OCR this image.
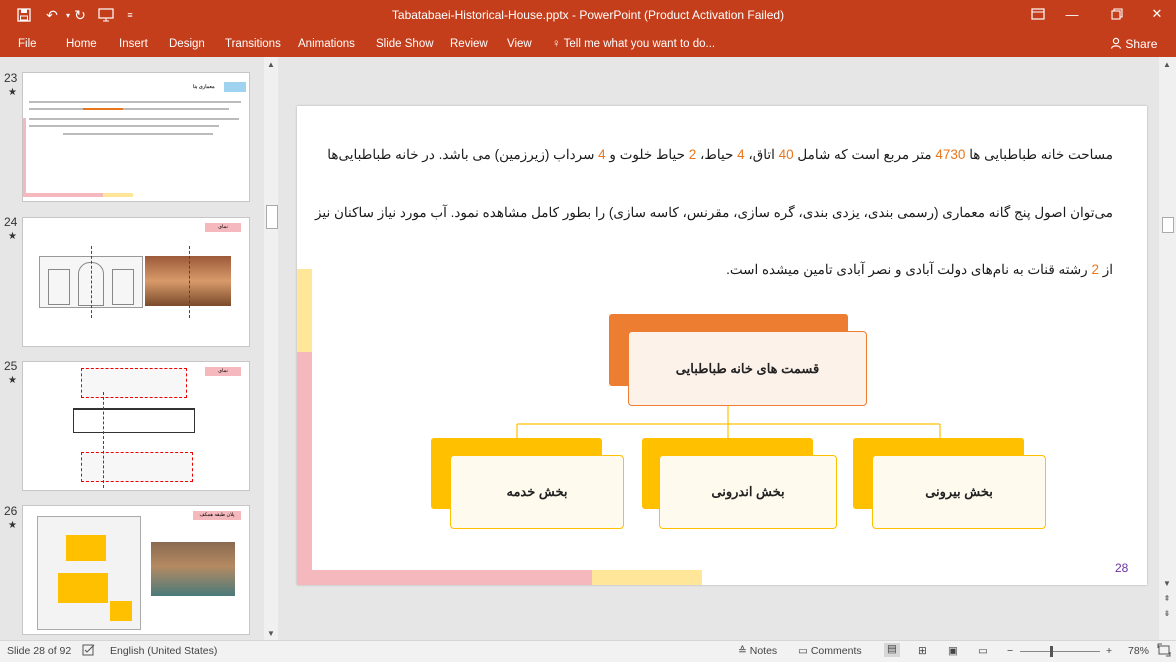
↶	▾ ↻	≡	Tabatabaei-Historical-House.pptx - PowerPoint (Product Activation Failed)	—	✕
File	Home Insert Design Transitions Animations Slide Show Review View ♀ Tell me what you want to do...	Share
23
★	معماری بنا
24
★
نمای
25
★
نمای
26
★
پلان طبقه همکف
▲
▼
مساحت خانه طباطبایی ها 4730 متر مربع است که شامل 40 اتاق، 4 حیاط، 2 حیاط خلوت و 4 سرداب (زیرزمین) می باشد. در خانه طباطبایی‌ها
می‌توان اصول پنج گانه معماری (رسمی بندی، یزدی بندی، گره سازی، مقرنس، کاسه سازی) را بطور کامل مشاهده نمود. آب مورد نیاز ساکنان نیز
از 2 رشته قنات به نام‌های دولت آبادی و نصر آبادی تامین میشده است.
قسمت های خانه طباطبایی
بخش بیرونی
بخش اندرونی
بخش خدمه
28
▲
▼
⇞
⇟
Slide 28 of 92	English (United States)	≙ Notes ▭ Comments ▤ ⊞ ▣ ▭ −	+ 78%
